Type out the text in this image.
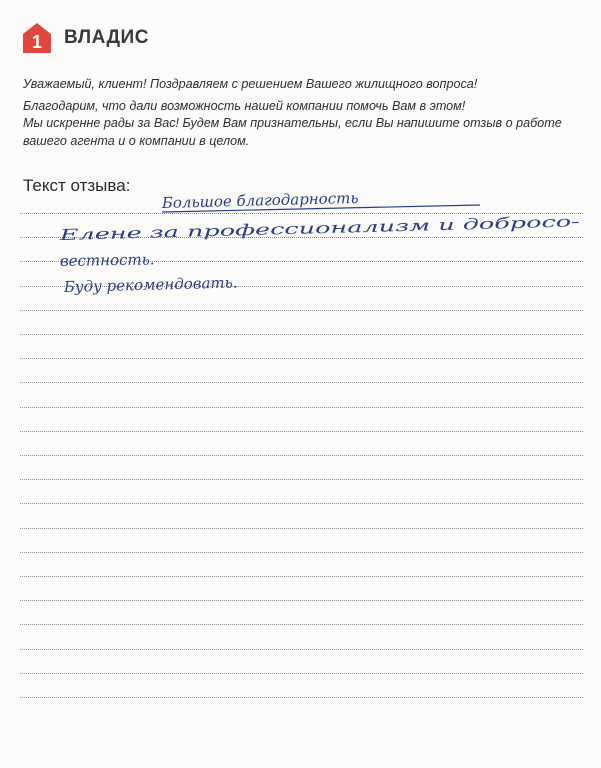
1 ВЛАДИС

Уважаемый, клиент! Поздравляем с решением Вашего жилищного вопроса!

Благодарим, что дали возможность нашей компании помочь Вам в этом!

Мы искренне рады за Вас! Будем Вам признательны, если Вы напишите отзыв о работе

вашего агента и о компании в целом.

Текст отзыва:
Большое благодарность
Елене за профессионализм и добросо-
вестность.
Буду рекомендовать.
